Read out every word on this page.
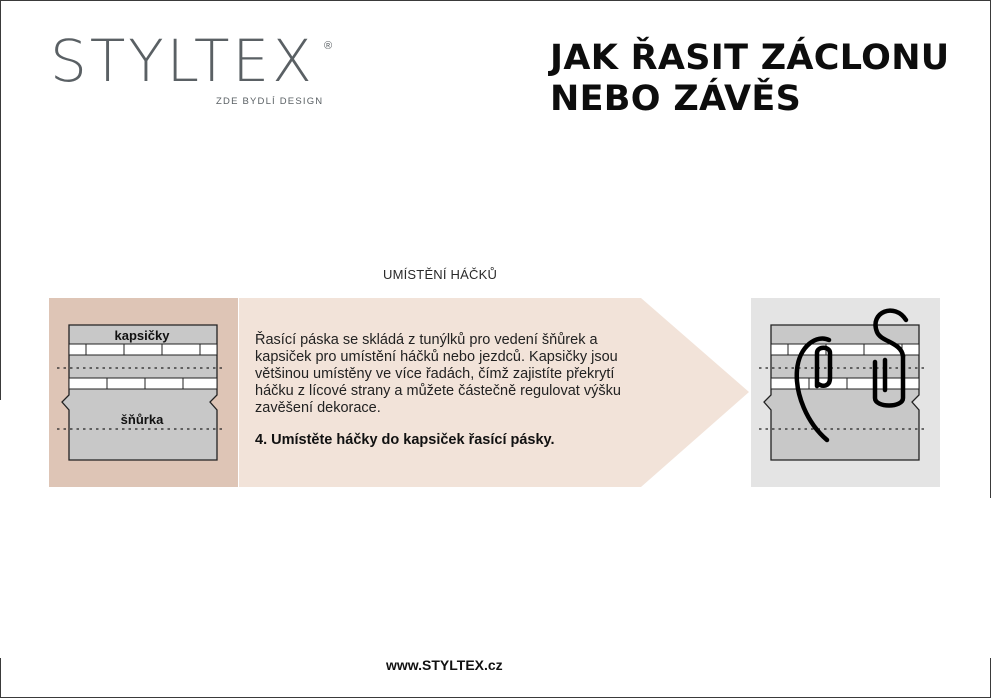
STYLTEX ®
ZDE BYDLÍ DESIGN
JAK ŘASIT ZÁCLONU
NEBO ZÁVĚS
UMÍSTĚNÍ HÁČKŮ
kapsičky
šňůrka

Řasící páska se skládá z tunýlků pro vedení šňůrek a kapsiček pro umístění háčků nebo jezdců. Kapsičky jsou většinou umístěny ve více řadách, čímž zajistíte překrytí háčku z lícové strany a můžete částečně regulovat výšku zavěšení dekorace.

4. Umístěte háčky do kapsiček řasící pásky.
www.STYLTEX.cz
